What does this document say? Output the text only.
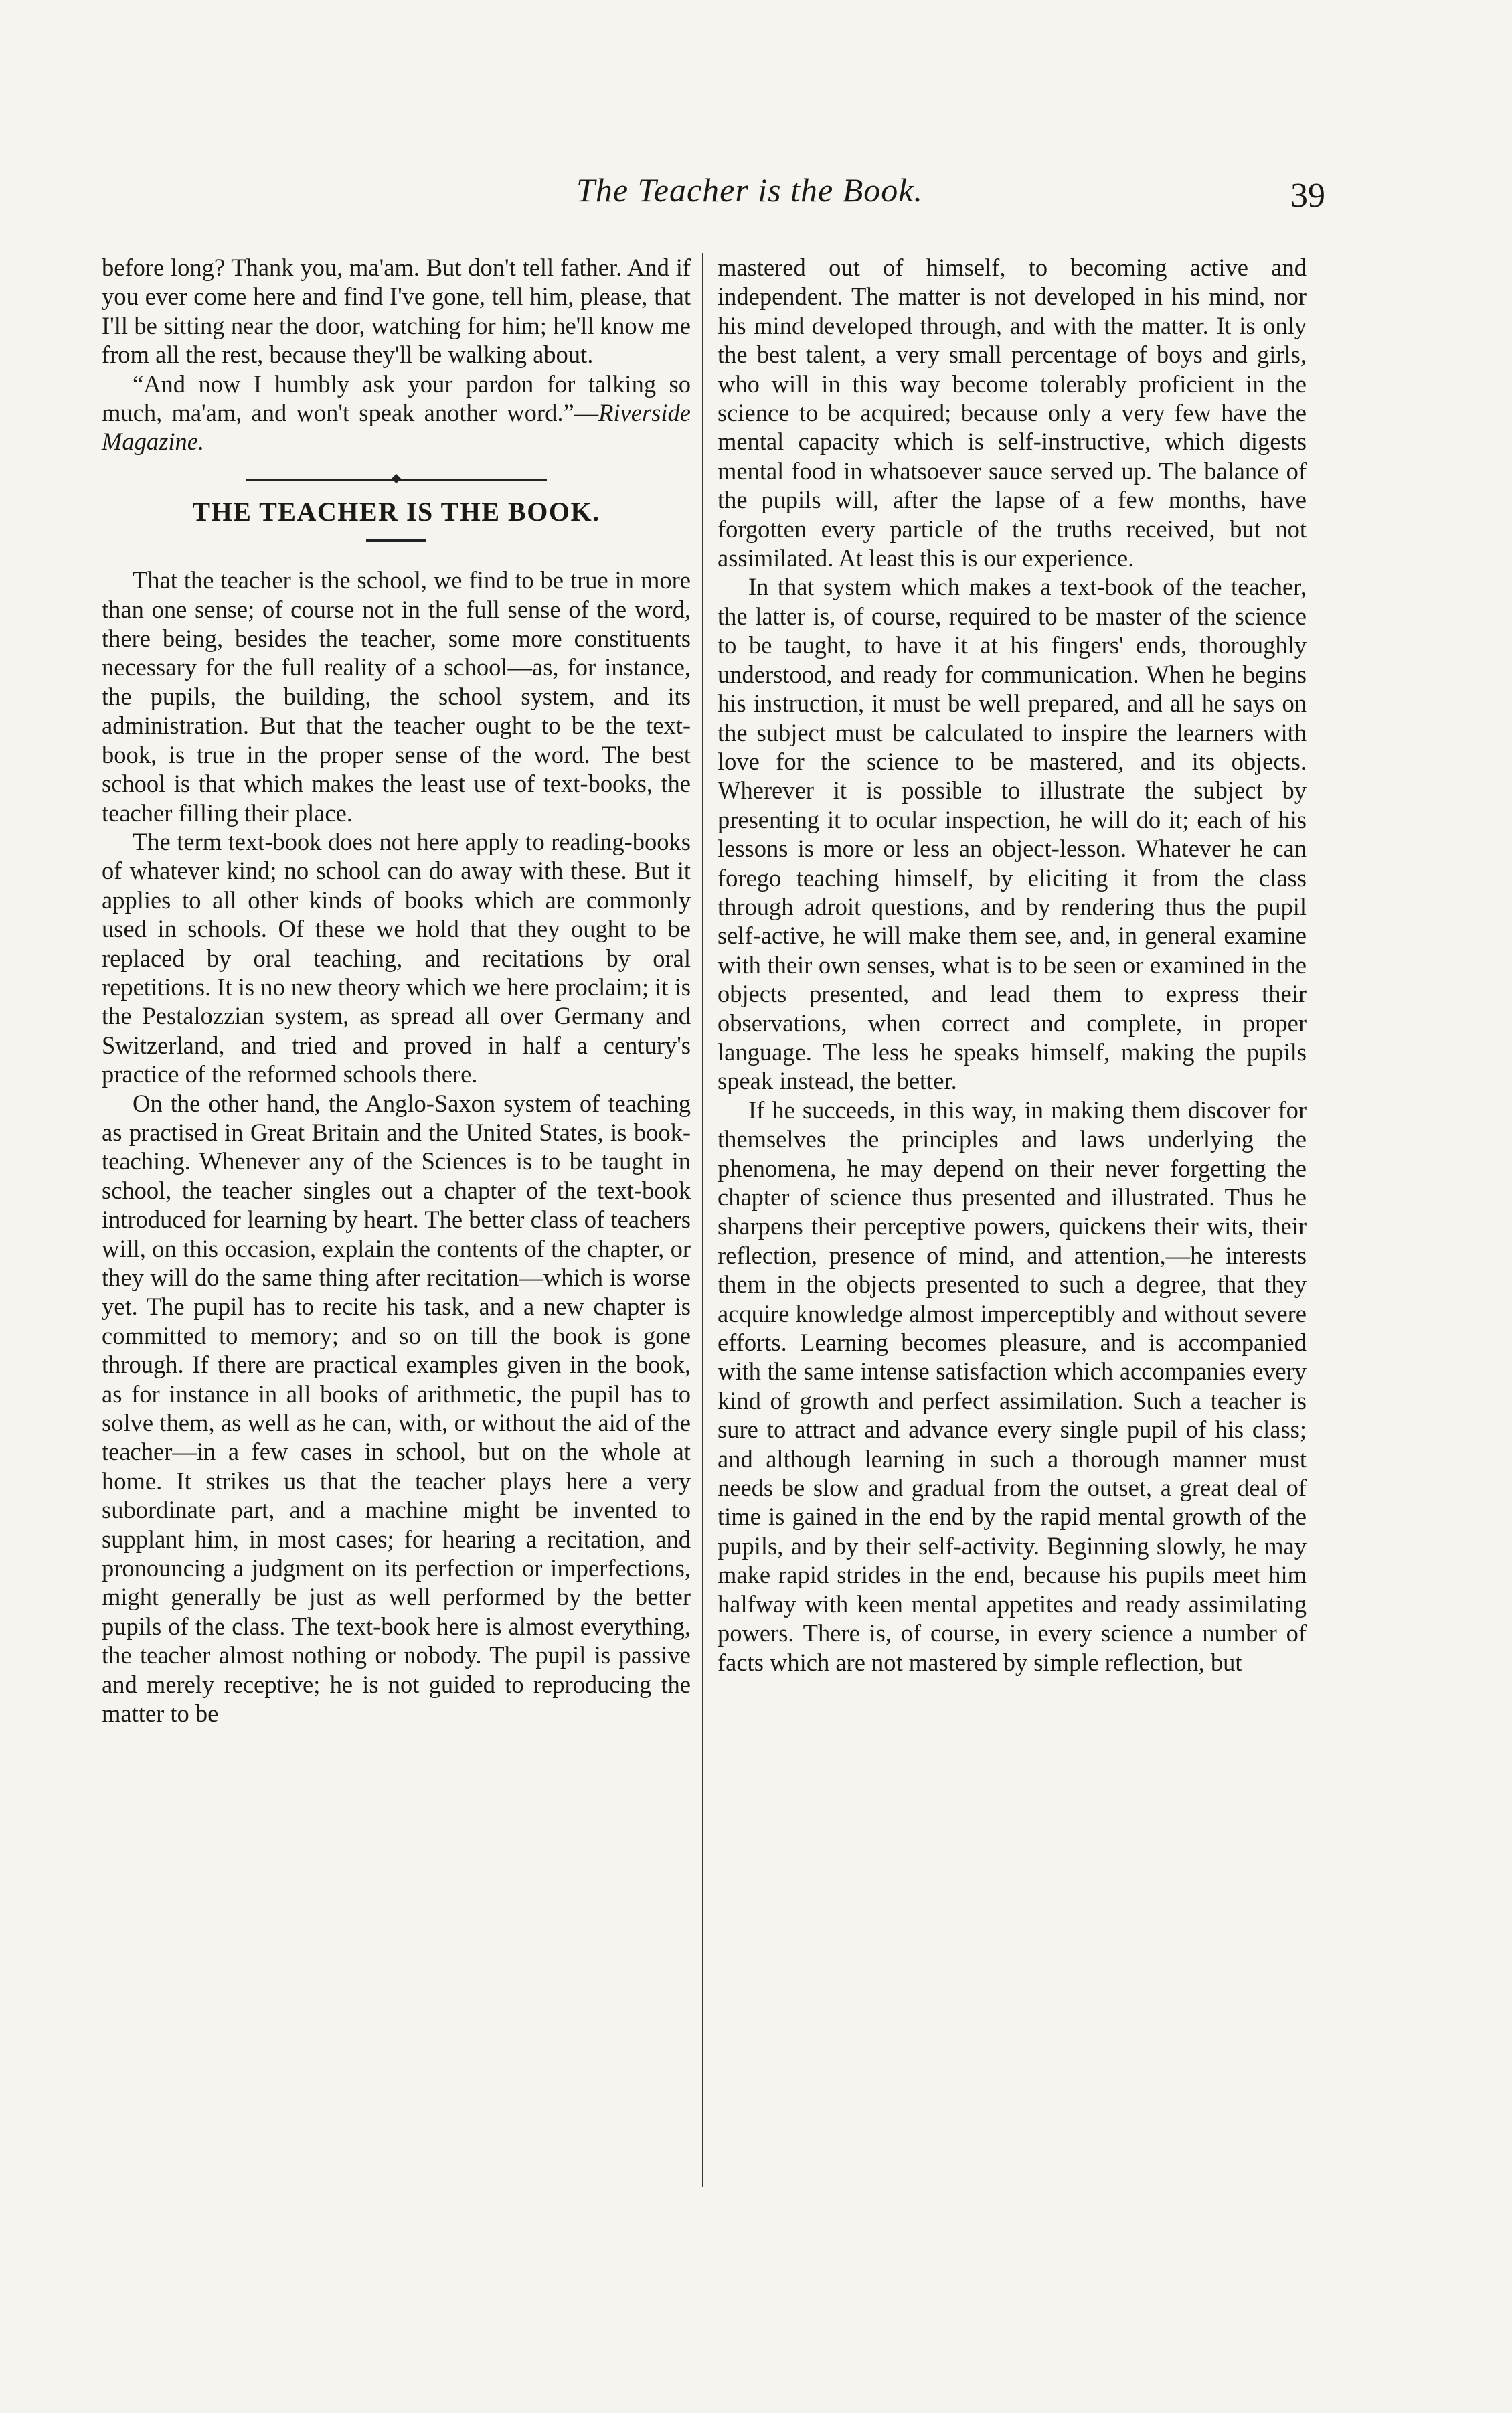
The Teacher is the Book.	39

before long? Thank you, ma'am. But don't tell father. And if you ever come here and find I've gone, tell him, please, that I'll be sitting near the door, watching for him; he'll know me from all the rest, because they'll be walking about.

“And now I humbly ask your pardon for talking so much, ma'am, and won't speak another word.”—Riverside Magazine.

THE TEACHER IS THE BOOK.

That the teacher is the school, we find to be true in more than one sense; of course not in the full sense of the word, there being, besides the teacher, some more constituents necessary for the full reality of a school—as, for instance, the pupils, the building, the school system, and its administration. But that the teacher ought to be the text-book, is true in the proper sense of the word. The best school is that which makes the least use of text-books, the teacher filling their place.

The term text-book does not here apply to reading-books of whatever kind; no school can do away with these. But it applies to all other kinds of books which are commonly used in schools. Of these we hold that they ought to be replaced by oral teaching, and recitations by oral repetitions. It is no new theory which we here proclaim; it is the Pestalozzian system, as spread all over Germany and Switzerland, and tried and proved in half a century's practice of the reformed schools there.

On the other hand, the Anglo-Saxon system of teaching as practised in Great Britain and the United States, is book-teaching. Whenever any of the Sciences is to be taught in school, the teacher singles out a chapter of the text-book introduced for learning by heart. The better class of teachers will, on this occasion, explain the contents of the chapter, or they will do the same thing after recitation—which is worse yet. The pupil has to recite his task, and a new chapter is committed to memory; and so on till the book is gone through. If there are practical examples given in the book, as for instance in all books of arithmetic, the pupil has to solve them, as well as he can, with, or without the aid of the teacher—in a few cases in school, but on the whole at home. It strikes us that the teacher plays here a very subordinate part, and a machine might be invented to supplant him, in most cases; for hearing a recitation, and pronouncing a judgment on its perfection or imperfections, might generally be just as well performed by the better pupils of the class. The text-book here is almost everything, the teacher almost nothing or nobody. The pupil is passive and merely receptive; he is not guided to reproducing the matter to be

mastered out of himself, to becoming active and independent. The matter is not developed in his mind, nor his mind developed through, and with the matter. It is only the best talent, a very small percentage of boys and girls, who will in this way become tolerably proficient in the science to be acquired; because only a very few have the mental capacity which is self-instructive, which digests mental food in whatsoever sauce served up. The balance of the pupils will, after the lapse of a few months, have forgotten every particle of the truths received, but not assimilated. At least this is our experience.

In that system which makes a text-book of the teacher, the latter is, of course, required to be master of the science to be taught, to have it at his fingers' ends, thoroughly understood, and ready for communication. When he begins his instruction, it must be well prepared, and all he says on the subject must be calculated to inspire the learners with love for the science to be mastered, and its objects. Wherever it is possible to illustrate the subject by presenting it to ocular inspection, he will do it; each of his lessons is more or less an object-lesson. Whatever he can forego teaching himself, by eliciting it from the class through adroit questions, and by rendering thus the pupil self-active, he will make them see, and, in general examine with their own senses, what is to be seen or examined in the objects presented, and lead them to express their observations, when correct and complete, in proper language. The less he speaks himself, making the pupils speak instead, the better.

If he succeeds, in this way, in making them discover for themselves the principles and laws underlying the phenomena, he may depend on their never forgetting the chapter of science thus presented and illustrated. Thus he sharpens their perceptive powers, quickens their wits, their reflection, presence of mind, and attention,—he interests them in the objects presented to such a degree, that they acquire knowledge almost imperceptibly and without severe efforts. Learning becomes pleasure, and is accompanied with the same intense satisfaction which accompanies every kind of growth and perfect assimilation. Such a teacher is sure to attract and advance every single pupil of his class; and although learning in such a thorough manner must needs be slow and gradual from the outset, a great deal of time is gained in the end by the rapid mental growth of the pupils, and by their self-activity. Beginning slowly, he may make rapid strides in the end, because his pupils meet him halfway with keen mental appetites and ready assimilating powers. There is, of course, in every science a number of facts which are not mastered by simple reflection, but
